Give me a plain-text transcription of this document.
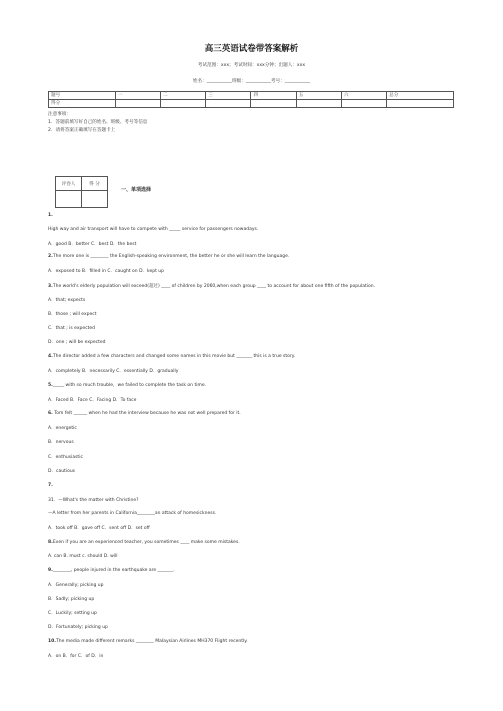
高三英语试卷带答案解析
考试范围：xxx；考试时间：xxx分钟；出题人：xxx
姓名：___________班级：___________考号：___________
题号	一	二	三	四	五	六	总分
得分							
注意事项：
1．答题前填写好自己的姓名、班级、考号等信息
2．请将答案正确填写在答题卡上
评卷人	得 分

一、单项选择
1.
High way and air transport will have to compete with _____ service for passengers nowadays.
A．good B．better C．best D．the best
2.The more one is ________ the English-speaking environment, the better he or she will learn the language.
A．exposed to B．filled in C．caught on D．kept up
3.The world's elderly population will exceed(超过) ____ of children by 2060,when each group ____ to account for about one fifth of the population.
A．that; expects
B．those ; will expect
C．that ; is expected
D．one ; will be expected
4.The director added a few characters and changed some names in this movie but _______ this is a true story.
A．completely B．necessarily C．essentially D．gradually
5._____ with so much trouble，we failed to complete the task on time.
A．Faced B．Face C．Facing D．To face
6. Tom felt ______ when he had the interview because he was not well prepared for it.
A．energetic
B．nervous
C．enthusiastic
D．cautious
7.
31．—What's the matter with Christine?
—A letter from her parents in California________an attack of homesickness.
A．took off B．gave off C．sent off D．set off
8.Even if you are an experienced teacher, you sometimes ____ make some mistakes.
A. can B. must c. should D. will
9.________, people injured in the earthquake are _______.
A．Generally; picking up
B．Sadly; picking up
C．Luckily; setting up
D．Fortunately; picking up
10.The media made different remarks ________ Malaysian Airlines MH370 Flight recently.
A．on B．for C．of D．in
